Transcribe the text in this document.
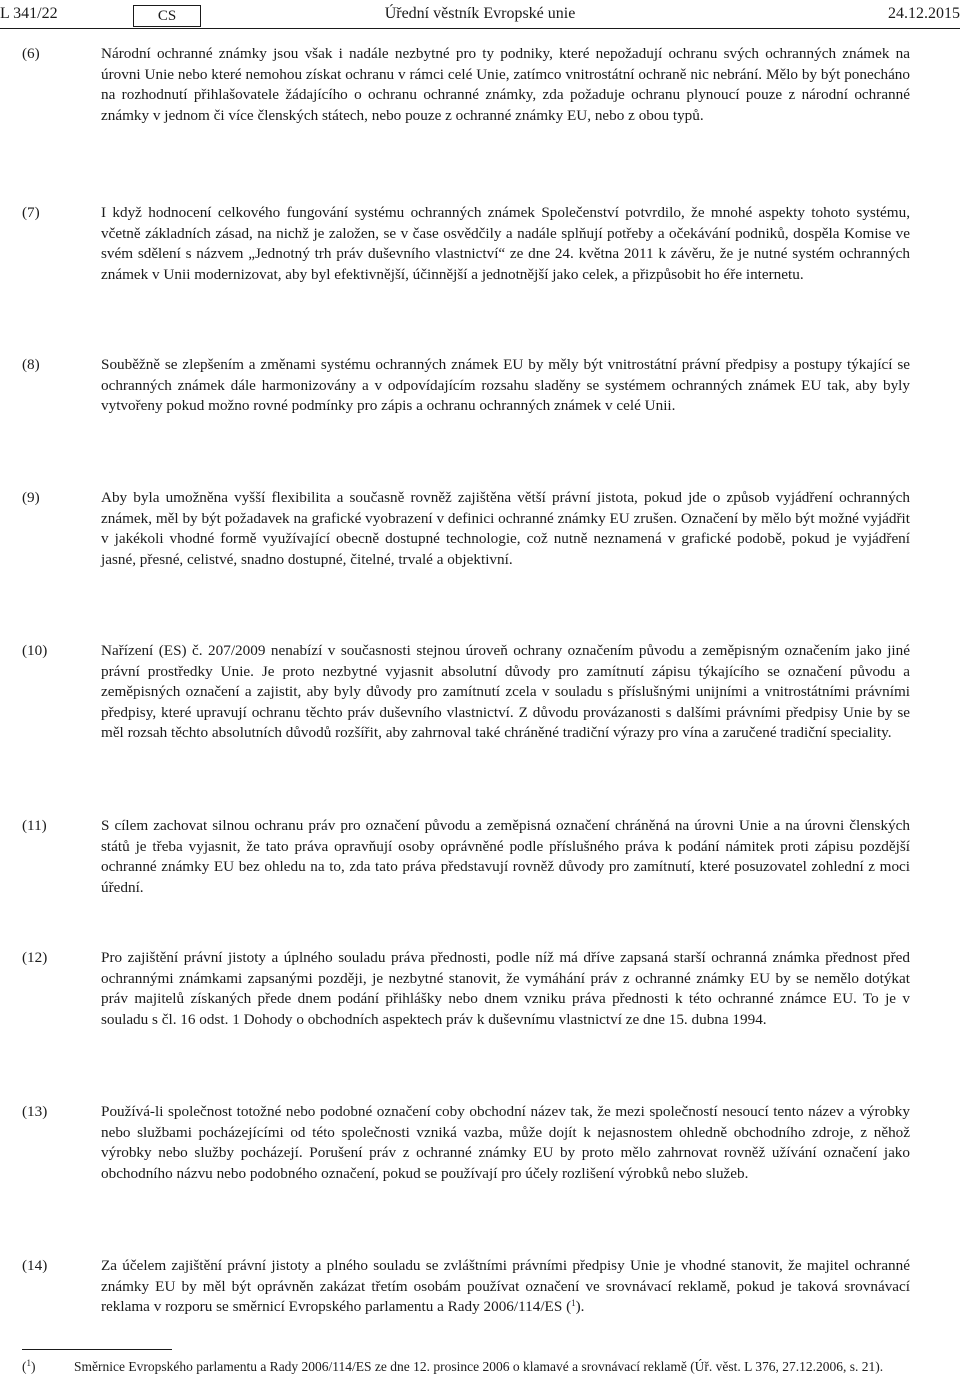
L 341/22	CS	Úřední věstník Evropské unie	24.12.2015
(6)	Národní ochranné známky jsou však i nadále nezbytné pro ty podniky, které nepožadují ochranu svých ochranných známek na úrovni Unie nebo které nemohou získat ochranu v rámci celé Unie, zatímco vnitrostátní ochraně nic nebrání. Mělo by být ponecháno na rozhodnutí přihlašovatele žádajícího o ochranu ochranné známky, zda požaduje ochranu plynoucí pouze z národní ochranné známky v jednom či více členských státech, nebo pouze z ochranné známky EU, nebo z obou typů.
(7)	I když hodnocení celkového fungování systému ochranných známek Společenství potvrdilo, že mnohé aspekty tohoto systému, včetně základních zásad, na nichž je založen, se v čase osvědčily a nadále splňují potřeby a očekávání podniků, dospěla Komise ve svém sdělení s názvem „Jednotný trh práv duševního vlastnictví“ ze dne 24. května 2011 k závěru, že je nutné systém ochranných známek v Unii modernizovat, aby byl efektivnější, účinnější a jednotnější jako celek, a přizpůsobit ho éře internetu.
(8)	Souběžně se zlepšením a změnami systému ochranných známek EU by měly být vnitrostátní právní předpisy a postupy týkající se ochranných známek dále harmonizovány a v odpovídajícím rozsahu sladěny se systémem ochranných známek EU tak, aby byly vytvořeny pokud možno rovné podmínky pro zápis a ochranu ochranných známek v celé Unii.
(9)	Aby byla umožněna vyšší flexibilita a současně rovněž zajištěna větší právní jistota, pokud jde o způsob vyjádření ochranných známek, měl by být požadavek na grafické vyobrazení v definici ochranné známky EU zrušen. Označení by mělo být možné vyjádřit v jakékoli vhodné formě využívající obecně dostupné technologie, což nutně neznamená v grafické podobě, pokud je vyjádření jasné, přesné, celistvé, snadno dostupné, čitelné, trvalé a objektivní.
(10)	Nařízení (ES) č. 207/2009 nenabízí v současnosti stejnou úroveň ochrany označením původu a zeměpisným označením jako jiné právní prostředky Unie. Je proto nezbytné vyjasnit absolutní důvody pro zamítnutí zápisu týkajícího se označení původu a zeměpisných označení a zajistit, aby byly důvody pro zamítnutí zcela v souladu s příslušnými unijními a vnitrostátními právními předpisy, které upravují ochranu těchto práv duševního vlastnictví. Z důvodu provázanosti s dalšími právními předpisy Unie by se měl rozsah těchto absolutních důvodů rozšířit, aby zahrnoval také chráněné tradiční výrazy pro vína a zaručené tradiční speciality.
(11)	S cílem zachovat silnou ochranu práv pro označení původu a zeměpisná označení chráněná na úrovni Unie a na úrovni členských států je třeba vyjasnit, že tato práva opravňují osoby oprávněné podle příslušného práva k podání námitek proti zápisu pozdější ochranné známky EU bez ohledu na to, zda tato práva představují rovněž důvody pro zamítnutí, které posuzovatel zohlední z moci úřední.
(12)	Pro zajištění právní jistoty a úplného souladu práva přednosti, podle níž má dříve zapsaná starší ochranná známka přednost před ochrannými známkami zapsanými později, je nezbytné stanovit, že vymáhání práv z ochranné známky EU by se nemělo dotýkat práv majitelů získaných přede dnem podání přihlášky nebo dnem vzniku práva přednosti k této ochranné známce EU. To je v souladu s čl. 16 odst. 1 Dohody o obchodních aspektech práv k duševnímu vlastnictví ze dne 15. dubna 1994.
(13)	Používá-li společnost totožné nebo podobné označení coby obchodní název tak, že mezi společností nesoucí tento název a výrobky nebo službami pocházejícími od této společnosti vzniká vazba, může dojít k nejasnostem ohledně obchodního zdroje, z něhož výrobky nebo služby pocházejí. Porušení práv z ochranné známky EU by proto mělo zahrnovat rovněž užívání označení jako obchodního názvu nebo podobného označení, pokud se používají pro účely rozlišení výrobků nebo služeb.
(14)	Za účelem zajištění právní jistoty a plného souladu se zvláštními právními předpisy Unie je vhodné stanovit, že majitel ochranné známky EU by měl být oprávněn zakázat třetím osobám používat označení ve srovnávací reklamě, pokud je taková srovnávací reklama v rozporu se směrnicí Evropského parlamentu a Rady 2006/114/ES ($^1$).
($^1$)	Směrnice Evropského parlamentu a Rady 2006/114/ES ze dne 12. prosince 2006 o klamavé a srovnávací reklamě (Úř. věst. L 376, 27.12.2006, s. 21).
